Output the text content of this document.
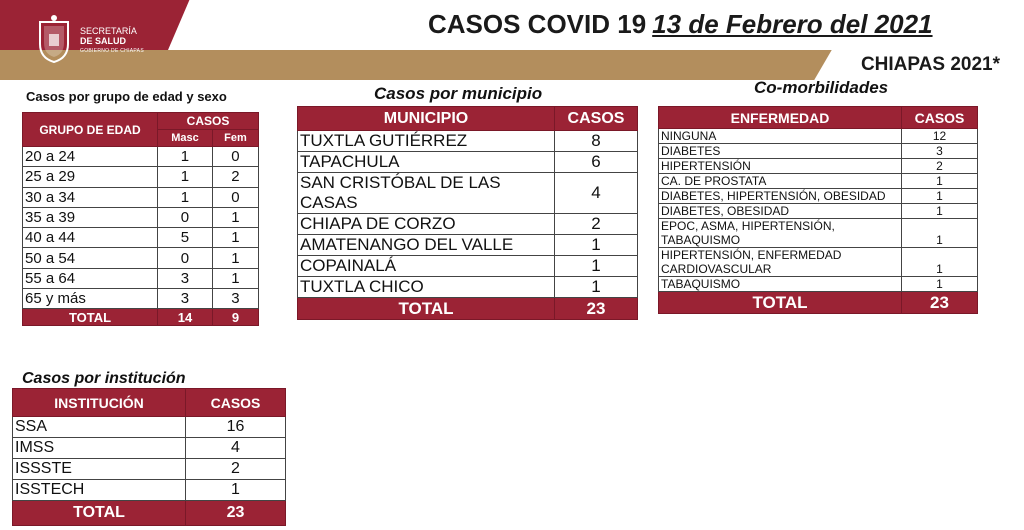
SECRETARÍA
DE SALUD
GOBIERNO DE CHIAPAS
CASOS COVID 19 13 de Febrero del 2021
CHIAPAS 2021*
Casos por grupo de edad y sexo
GRUPO DE EDAD	CASOS	
	Masc	Fem
20 a 24	1	0
25 a 29	1	2
30 a 34	1	0
35 a 39	0	1
40 a 44	5	1
50 a 54	0	1
55 a 64	3	1
65 y más	3	3
TOTAL	14	9
Casos por municipio
MUNICIPIO	CASOS
TUXTLA GUTIÉRREZ	8
TAPACHULA	6
SAN CRISTÓBAL DE LAS CASAS	4
CHIAPA DE CORZO	2
AMATENANGO DEL VALLE	1
COPAINALÁ	1
TUXTLA CHICO	1
TOTAL	23
Co-morbilidades
ENFERMEDAD	CASOS
NINGUNA	12
DIABETES	3
HIPERTENSIÓN	2
CA. DE PROSTATA	1
DIABETES, HIPERTENSIÓN, OBESIDAD	1
DIABETES, OBESIDAD	1
EPOC, ASMA, HIPERTENSIÓN, TABAQUISMO	1
HIPERTENSIÓN, ENFERMEDAD CARDIOVASCULAR	1
TABAQUISMO	1
TOTAL	23
Casos por institución
INSTITUCIÓN	CASOS
SSA	16
IMSS	4
ISSSTE	2
ISSTECH	1
TOTAL	23
